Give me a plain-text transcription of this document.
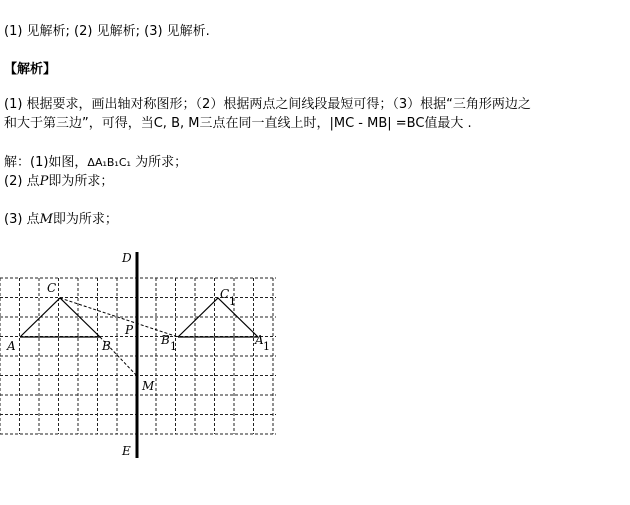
(1) 见解析; (2) 见解析; (3) 见解析.
【解析】
(1) 根据要求，画出轴对称图形；（2）根据两点之间线段最短可得；（3）根据“三角形两边之
和大于第三边”，可得，当C, B, M三点在同一直线上时，|MC - MB| =BC值最大 .
解：(1)如图，ΔA₁B₁C₁ 为所求；
(2) 点P即为所求；
(3) 点M即为所求；
D
E
C
A	B
P
M
B 1
C
1
A 1
